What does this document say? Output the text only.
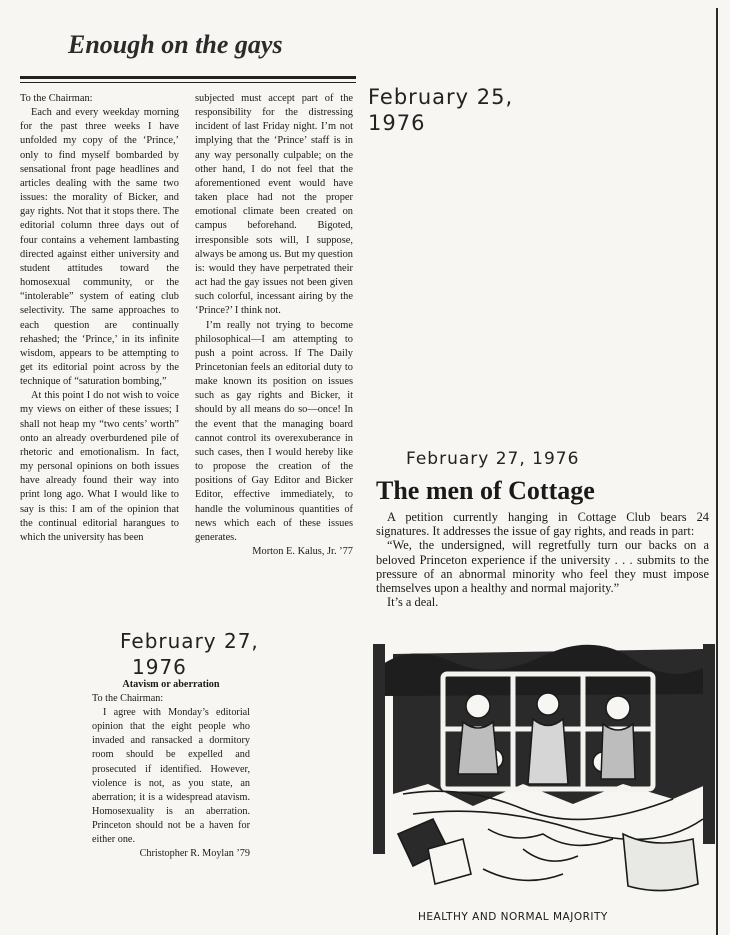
Enough on the gays

To the Chairman:

Each and every weekday morning for the past three weeks I have unfolded my copy of the ‘Prince,’ only to find myself bombarded by sensational front page headlines and articles dealing with the same two issues: the morality of Bicker, and gay rights. Not that it stops there. The editorial column three days out of four contains a vehement lambasting directed against either university and student attitudes toward the homosexual community, or the “intolerable” system of eating club selectivity. The same approaches to each question are continually rehashed; the ‘Prince,’ in its infinite wisdom, appears to be attempting to get its editorial point across by the technique of “saturation bombing,”

At this point I do not wish to voice my views on either of these issues; I shall not heap my “two cents’ worth” onto an already overburdened pile of rhetoric and emotionalism. In fact, my personal opinions on both issues have already found their way into print long ago. What I would like to say is this: I am of the opinion that the continual editorial harangues to which the university has been

subjected must accept part of the responsibility for the distressing incident of last Friday night. I’m not implying that the ‘Prince’ staff is in any way personally culpable; on the other hand, I do not feel that the aforementioned event would have taken place had not the proper emotional climate been created on campus beforehand. Bigoted, irresponsible sots will, I suppose, always be among us. But my question is: would they have perpetrated their act had the gay issues not been given such colorful, incessant airing by the ‘Prince?’ I think not.

I’m really not trying to become philosophical—I am attempting to push a point across. If The Daily Princetonian feels an editorial duty to make known its position on issues such as gay rights and Bicker, it should by all means do so—once! In the event that the managing board cannot control its overexuberance in such cases, then I would hereby like to propose the creation of the positions of Gay Editor and Bicker Editor, effective immediately, to handle the voluminous quantities of news which each of these issues generates.

Morton E. Kalus, Jr. ’77

February 25,
1976
February 27, 1976
February 27,
1976
The men of Cottage

A petition currently hanging in Cottage Club bears 24 signatures. It addresses the issue of gay rights, and reads in part:

“We, the undersigned, will regretfully turn our backs on a beloved Princeton experience if the university . . . submits to the pressure of an abnormal minority who feel they must impose themselves upon a healthy and normal majority.”

It’s a deal.

Atavism or aberration

To the Chairman:

I agree with Monday’s editorial opinion that the eight people who invaded and ransacked a dormitory room should be expelled and prosecuted if identified. However, violence is not, as you state, an aberration; it is a widespread atavism. Homosexuality is an aberration. Princeton should not be a haven for either one.

Christopher R. Moylan ’79

HEALTHY AND NORMAL MAJORITY
